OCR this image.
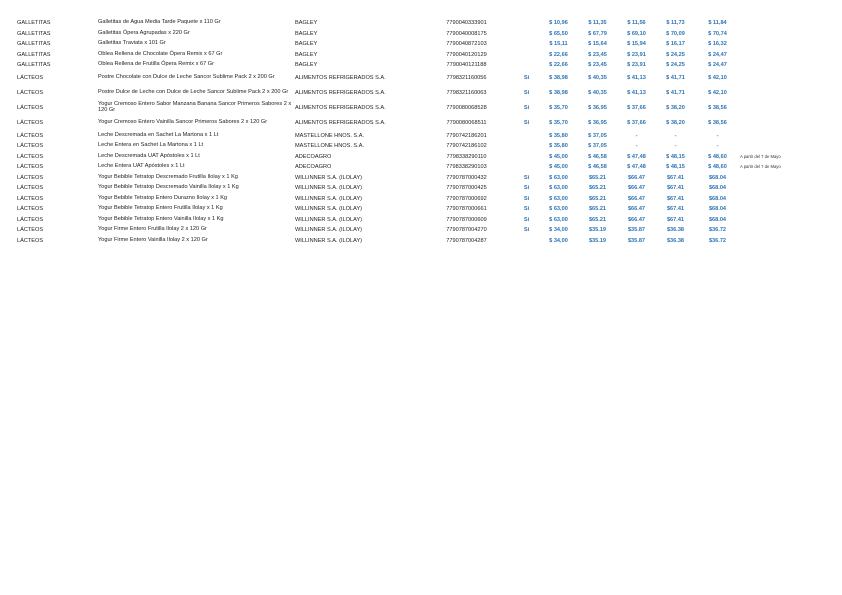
GALLETITAS	Galletitas de Agua Media Tarde Paquete x 110 Gr	BAGLEY	7790040333901		$ 10,96	$ 11,35	$ 11,56	$ 11,73	$ 11,84	
GALLETITAS	Galletitas Ópera Agrupadas x 220 Gr	BAGLEY	7790040008175		$ 65,50	$ 67,79	$ 69,10	$ 70,09	$ 70,74	
GALLETITAS	Galletitas Traviata x 101 Gr	BAGLEY	7790040872103		$ 15,11	$ 15,64	$ 15,94	$ 16,17	$ 16,32	
GALLETITAS	Oblea Rellena de Chocolate Ópera Remix x 67 Gr	BAGLEY	7790040120129		$ 22,66	$ 23,45	$ 23,91	$ 24,25	$ 24,47	
GALLETITAS	Oblea Rellena de Frutilla Ópera Remix x 67 Gr	BAGLEY	7790040121188		$ 22,66	$ 23,45	$ 23,91	$ 24,25	$ 24,47	
LÁCTEOS	Postre Chocolate con Dulce de Leche Sancor Sublime Pack 2 x 200 Gr	ALIMENTOS REFRIGERADOS S.A.	7798321160056	Si	$ 38,98	$ 40,35	$ 41,13	$ 41,71	$ 42,10	
LÁCTEOS	Postre Dulce de Leche con Dulce de Leche Sancor Sublime Pack 2 x 200 Gr	ALIMENTOS REFRIGERADOS S.A.	7798321160063	Si	$ 38,98	$ 40,35	$ 41,13	$ 41,71	$ 42,10	
LÁCTEOS	Yogur Cremoso Entero Sabor Manzana Banana Sancor Primeros Sabores 2 x 120 Gr	ALIMENTOS REFRIGERADOS S.A.	7790080068528	Si	$ 35,70	$ 36,95	$ 37,66	$ 38,20	$ 38,56	
LÁCTEOS	Yogur Cremoso Entero Vainilla Sancor Primeros Sabores 2 x 120 Gr	ALIMENTOS REFRIGERADOS S.A.	7790080068511	Si	$ 35,70	$ 36,95	$ 37,66	$ 38,20	$ 38,56	
LÁCTEOS	Leche Descremada en Sachet La Martona x 1 Lt	MASTELLONE HNOS. S.A.	7790742186201		$ 35,80	$ 37,05	-	-	-	
LÁCTEOS	Leche Entera en Sachet La Martona x 1 Lt	MASTELLONE HNOS. S.A.	7790742186102		$ 35,80	$ 37,05	-	-	-	
LÁCTEOS	Leche Descremada UAT Apóstoles x 1 Lt	ADECOAGRO	7798338290110		$ 45,00	$ 46,58	$ 47,48	$ 48,15	$ 48,60	A partir del 7 de Mayo
LÁCTEOS	Leche Entera UAT Apóstoles x 1 Lt	ADECOAGRO	7798338290103		$ 45,00	$ 46,58	$ 47,48	$ 48,15	$ 48,60	A partir del 7 de Mayo
LÁCTEOS	Yogur Bebible Tetratop Descremado Frutilla Ilolay x 1 Kg	WILLINNER S.A. (ILOLAY)	7790787000432	Si	$ 63,00	$65.21	$66.47	$67.41	$68.04	
LÁCTEOS	Yogur Bebible Tetratop Descremado Vainilla Ilolay x 1 Kg	WILLINNER S.A. (ILOLAY)	7790787000425	Si	$ 63,00	$65.21	$66.47	$67.41	$68.04	
LÁCTEOS	Yogur Bebible Tetratop Entero Durazno Ilolay x 1 Kg	WILLINNER S.A. (ILOLAY)	7790787000692	Si	$ 63,00	$65.21	$66.47	$67.41	$68.04	
LÁCTEOS	Yogur Bebible Tetratop Entero Frutilla Ilolay x 1 Kg	WILLINNER S.A. (ILOLAY)	7790787000661	Si	$ 63,00	$65.21	$66.47	$67.41	$68.04	
LÁCTEOS	Yogur Bebible Tetratop Entero Vainilla Ilolay x 1 Kg	WILLINNER S.A. (ILOLAY)	7790787000609	Si	$ 63,00	$65.21	$66.47	$67.41	$68.04	
LÁCTEOS	Yogur Firme Entero Frutilla Ilolay 2 x 120 Gr	WILLINNER S.A. (ILOLAY)	7790787004270	Si	$ 34,00	$35.19	$35.87	$36.38	$36.72	
LÁCTEOS	Yogur Firme Entero Vainilla Ilolay 2 x 120 Gr	WILLINNER S.A. (ILOLAY)	7790787004287		$ 34,00	$35.19	$35.87	$36.38	$36.72	
